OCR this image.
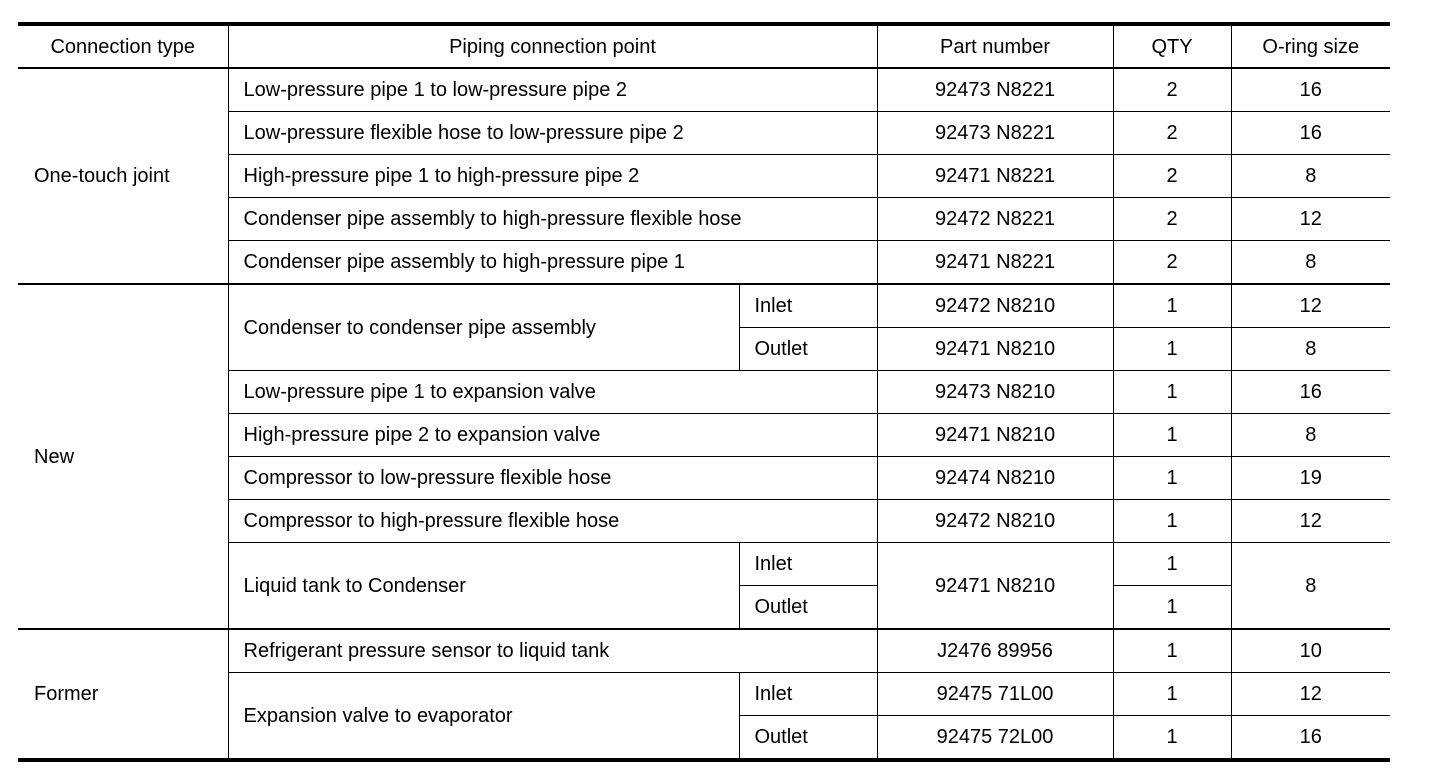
Connection type	Piping connection point		Part number	QTY	O-ring size
One-touch joint	Low-pressure pipe 1 to low-pressure pipe 2		92473 N8221	2	16
	Low-pressure flexible hose to low-pressure pipe 2		92473 N8221	2	16
	High-pressure pipe 1 to high-pressure pipe 2		92471 N8221	2	8
	Condenser pipe assembly to high-pressure flexible hose		92472 N8221	2	12
	Condenser pipe assembly to high-pressure pipe 1		92471 N8221	2	8
New	Condenser to condenser pipe assembly	Inlet	92472 N8210	1	12
		Outlet	92471 N8210	1	8
	Low-pressure pipe 1 to expansion valve		92473 N8210	1	16
	High-pressure pipe 2 to expansion valve		92471 N8210	1	8
	Compressor to low-pressure flexible hose		92474 N8210	1	19
	Compressor to high-pressure flexible hose		92472 N8210	1	12
	Liquid tank to Condenser	Inlet	92471 N8210	1	8
		Outlet		1	
Former	Refrigerant pressure sensor to liquid tank		J2476 89956	1	10
	Expansion valve to evaporator	Inlet	92475 71L00	1	12
		Outlet	92475 72L00	1	16
